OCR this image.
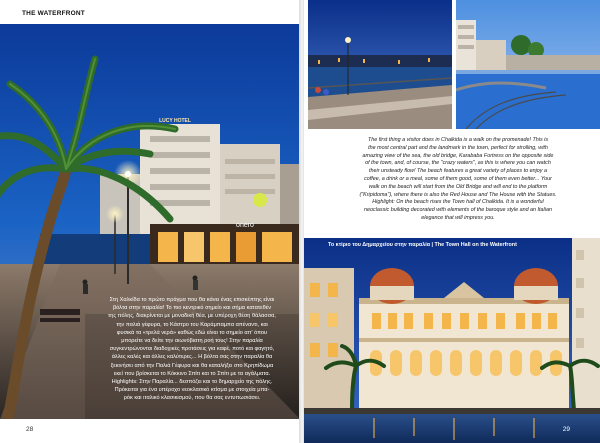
THE WATERFRONT
LUCY HOTEL
onero
Στη Χαλκίδα το πρώτο πράγμα που θα κάνει ένας επισκέπτης είναι
βόλτα στην παραλία! Το πιο κεντρικό σημείο και σήμα κατατεθέν
της πόλης, διακρίνεται με μοναδική θέα, με υπέροχη θέση θάλασσα,
την παλιά γέφυρα, το Κάστρο του Καράμπαμπα απέναντι, και
φυσικά τα «τρελά νερά» καθώς εδώ είναι το σημείο απ' όπου
μπορείτε να δείτε την αιωνόβιατη ροή τους! Στην παραλία
συγκεντρώνονται διαδοχικές προτάσεις για καφέ, ποτό και φαγητό,
άλλες καλές και άλλες καλύτερες... Η βόλτα σας στην παραλία θα
ξεκινήσει από την Παλιά Γέφυρα και θα καταλήξει στο Κρηπίδωμα
εκεί που βρίσκεται το Κόκκινο Σπίτι και το Σπίτι με τα αγάλματα.
Highlights: Στην Παραλία... δεσπόζει και το δημαρχείο της πόλης.
Πρόκειται για ένα υπέροχο νεοκλασικό κτίσμα με στοιχεία μπα-
ρόκ και ιταλικό κλασικισμού, που θα σας εντυπωσιάσει.
28
The first thing a visitor does in Chalkida is a walk on the promenade! This is
the most central part and the landmark in the town, perfect for strolling, with
amazing view of the sea, the old bridge, Karababa Fortress on the opposite side
of the town, and, of course, the "crazy waters", as this is where you can watch
their unsteady flow! The beach features a great variety of places to enjoy a
coffee, a drink or a meal, some of them good, some of them even better... Your
walk on the beach will start from the Old Bridge and will end to the platform
("Kripidoma"), where there is also the Red House and The House with the Statues.
Highlight: On the beach rises the Town hall of Chalkida. It is a wonderful
neoclassic building decorated with elements of the baroque style and an Italian
elegance that will impress you.
Το κτίριο του Δημαρχείου στην παραλία | The Town Hall on the Waterfront
29
